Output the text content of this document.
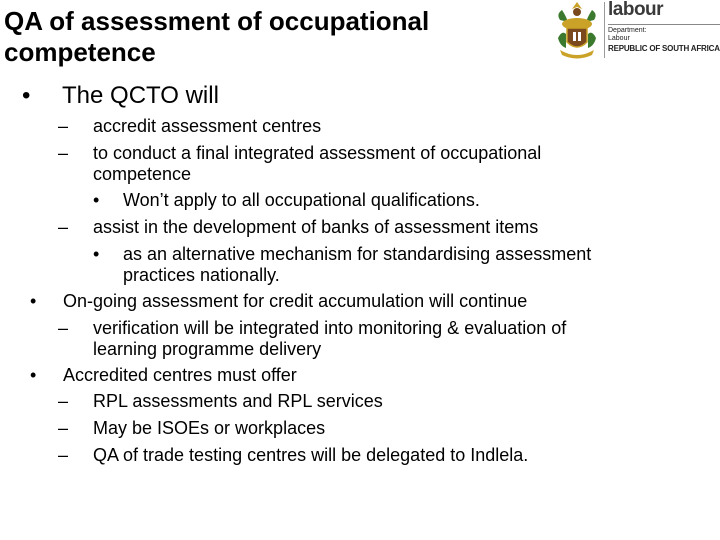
QA of assessment of occupational competence
labour
Department:
Labour
REPUBLIC OF SOUTH AFRICA
• The QCTO will
– accredit assessment centres
– to conduct a final integrated assessment of occupational
competence
• Won’t apply to all occupational qualifications.
– assist in the development of banks of assessment items
• as an alternative mechanism for standardising assessment
practices nationally.
• On-going assessment for credit accumulation will continue
– verification will be integrated into monitoring & evaluation of
learning programme delivery
• Accredited centres must offer
– RPL assessments and RPL services
– May be ISOEs or workplaces
– QA of trade testing centres will be delegated to Indlela.
